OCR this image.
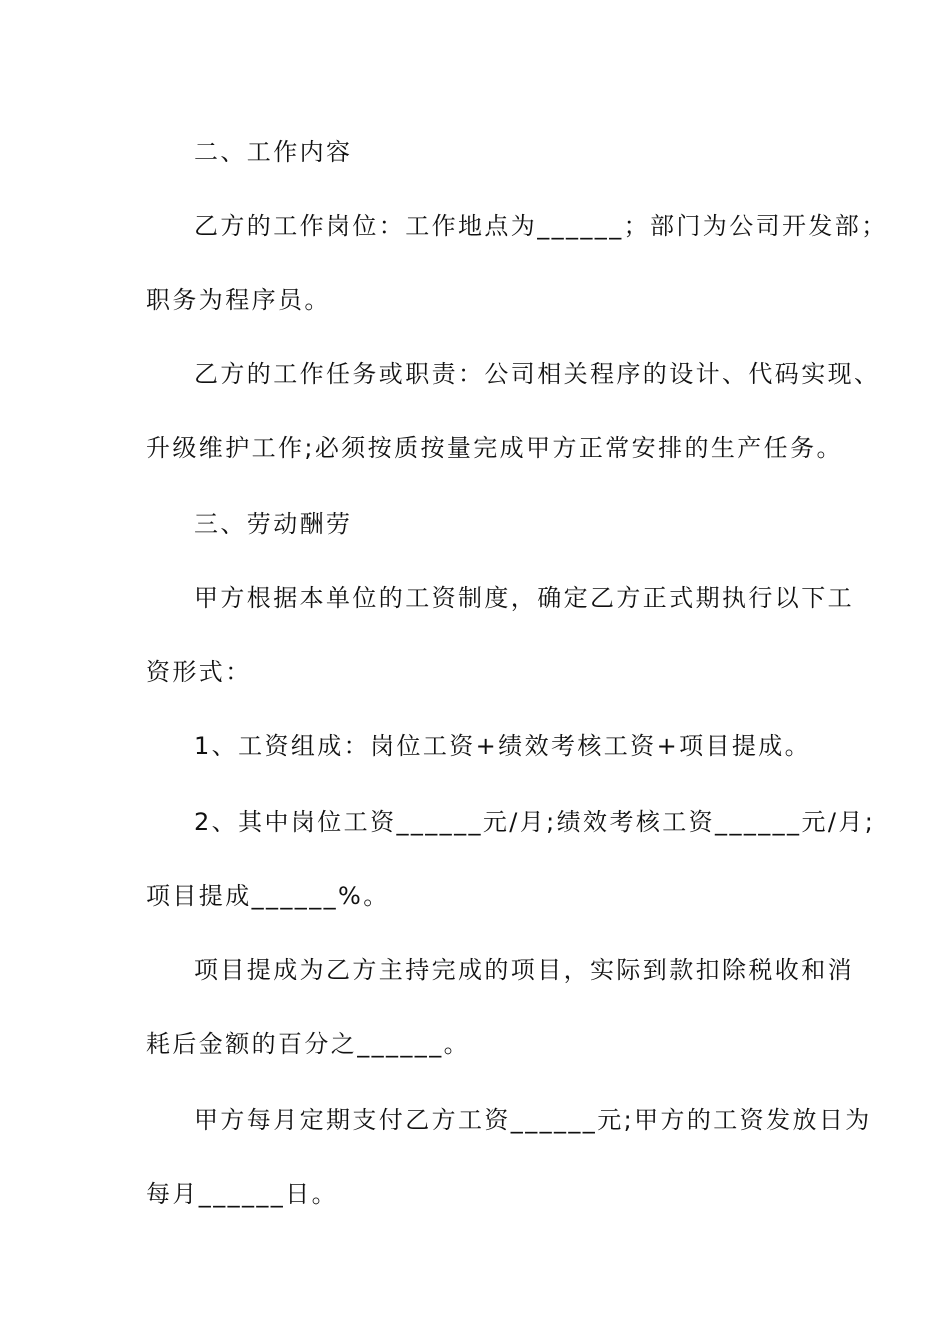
二、工作内容
乙方的工作岗位：工作地点为______；部门为公司开发部；
职务为程序员。
乙方的工作任务或职责：公司相关程序的设计、代码实现、
升级维护工作;必须按质按量完成甲方正常安排的生产任务。
三、劳动酬劳
甲方根据本单位的工资制度，确定乙方正式期执行以下工
资形式：
1、工资组成：岗位工资+绩效考核工资+项目提成。
2、其中岗位工资______元/月;绩效考核工资______元/月;
项目提成______%。
项目提成为乙方主持完成的项目，实际到款扣除税收和消
耗后金额的百分之______。
甲方每月定期支付乙方工资______元;甲方的工资发放日为
每月______日。
